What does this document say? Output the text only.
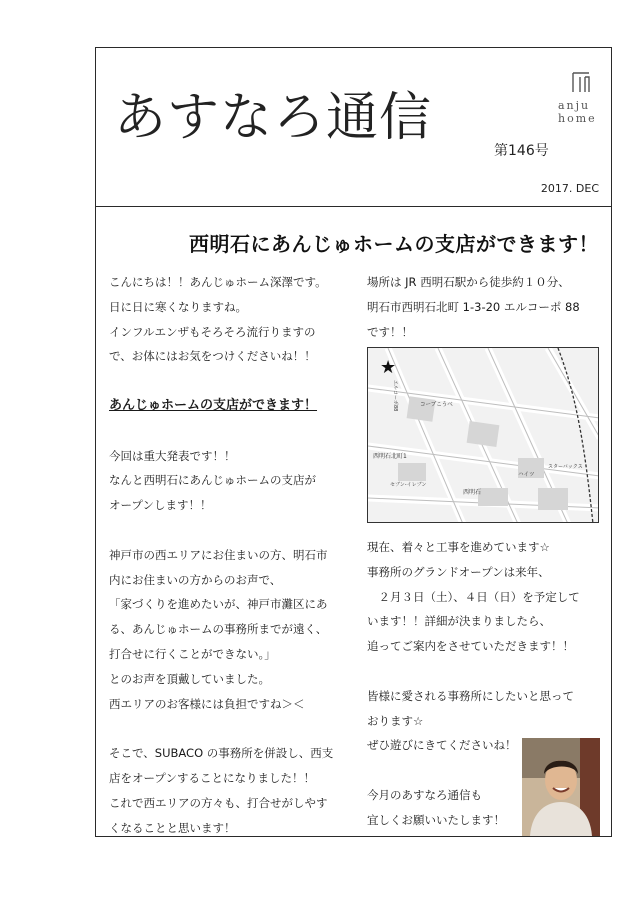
あすなろ通信
第146号
anju
home
2017. DEC
西明石にあんじゅホームの支店ができます！

こんにちは！！あんじゅホーム深澤です。

日に日に寒くなりますね。

インフルエンザもそろそろ流行りますの

で、お体にはお気をつけくださいね！！

あんじゅホームの支店ができます！

今回は重大発表です！！

なんと西明石にあんじゅホームの支店が

オープンします！！

神戸市の西エリアにお住まいの方、明石市

内にお住まいの方からのお声で、

「家づくりを進めたいが、神戸市灘区にあ

る、あんじゅホームの事務所までが遠く、

打合せに行くことができない。」

とのお声を頂戴していました。

西エリアのお客様には負担ですね＞＜

そこで、SUBACO の事務所を併設し、西支

店をオープンすることになりました！！

これで西エリアの方々も、打合せがしやす

くなることと思います！

場所は JR 西明石駅から徒歩約１０分、

明石市西明石北町 1-3-20 エルコーポ 88

です！！

★
エルコーポ88
西明石北町1
コープこうべ
ハイツ
西明石
セブン-イレブン
スターバックス

現在、着々と工事を進めています☆

事務所のグランドオープンは来年、

　２月３日（土）、４日（日）を予定して

います！！詳細が決まりましたら、

追ってご案内をさせていただきます！！

皆様に愛される事務所にしたいと思って

おります☆

ぜひ遊びにきてくださいね！

今月のあすなろ通信も

宜しくお願いいたします！
